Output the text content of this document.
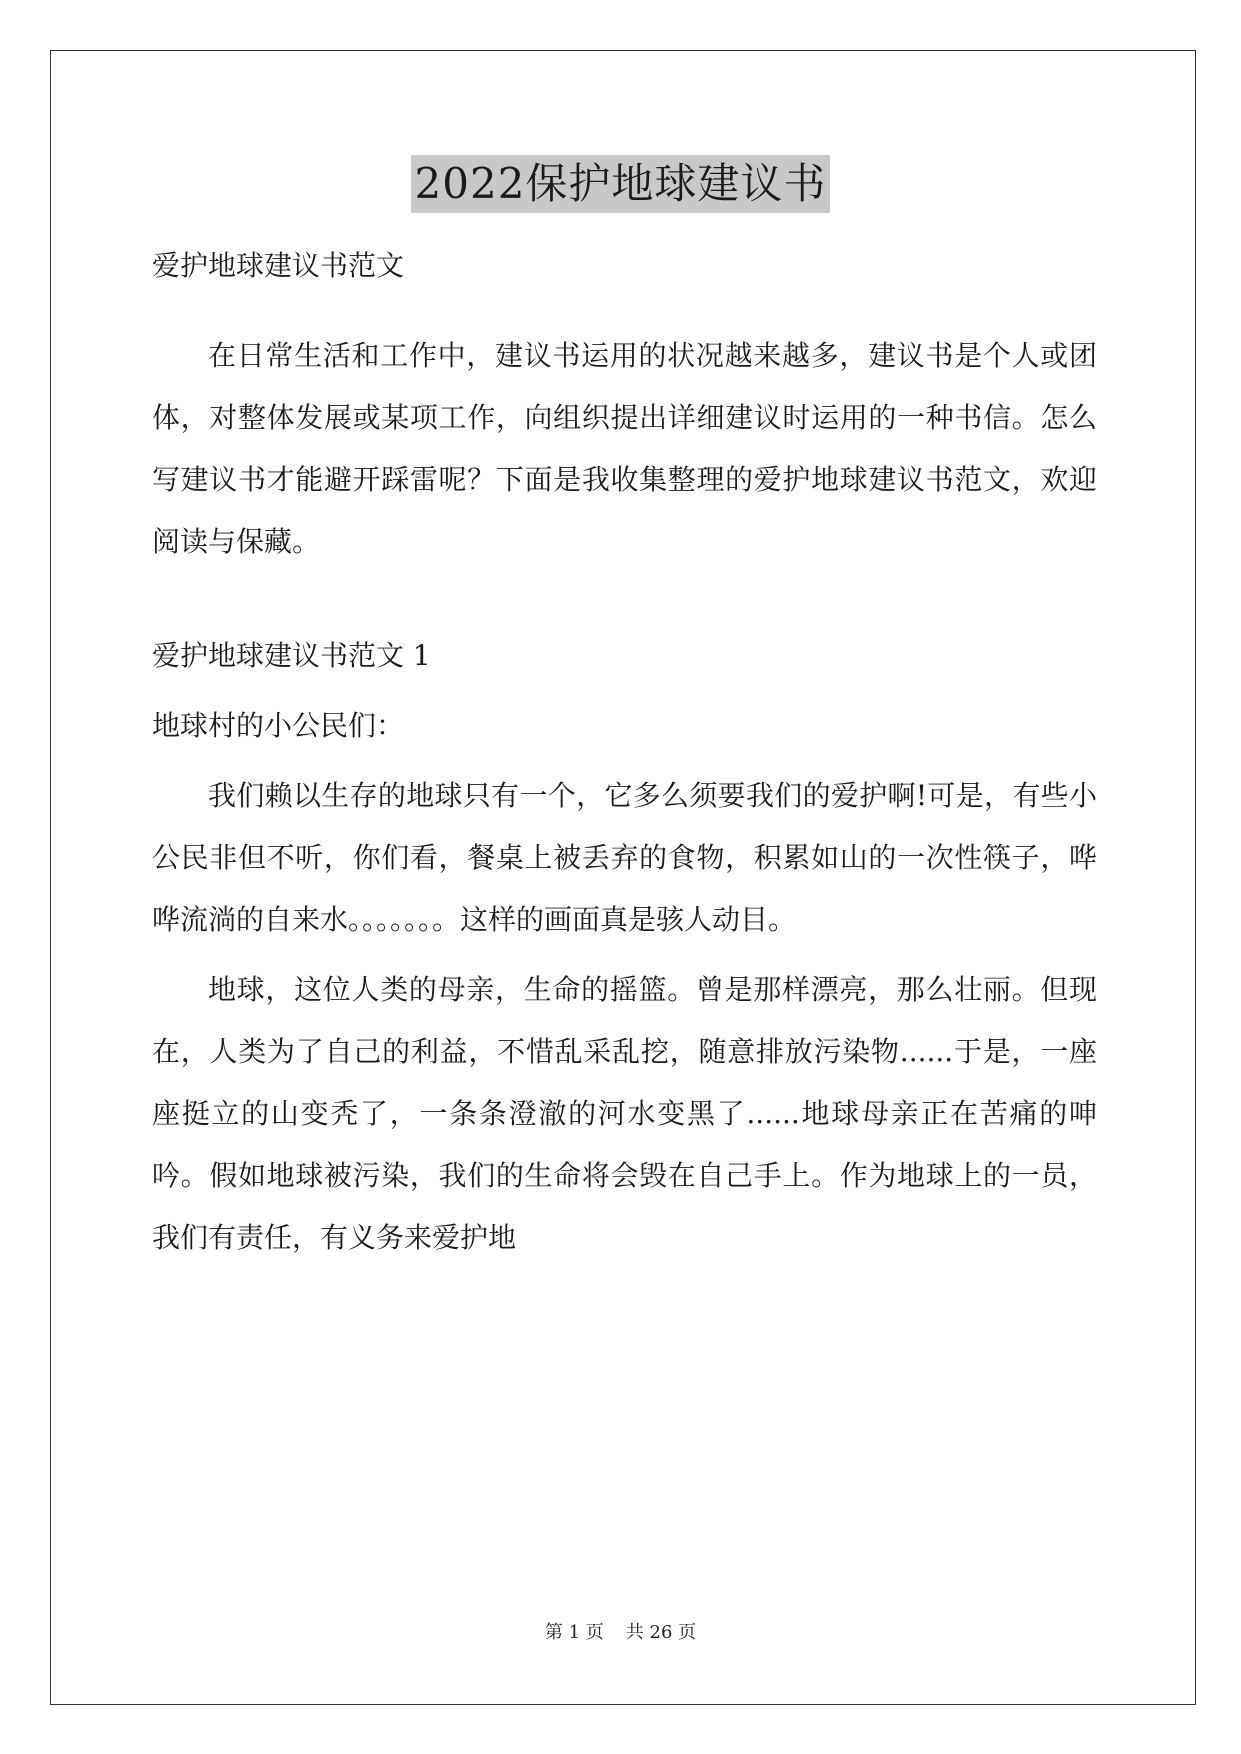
2022保护地球建议书

爱护地球建议书范文

在日常生活和工作中，建议书运用的状况越来越多，建议书是个人或团体，对整体发展或某项工作，向组织提出详细建议时运用的一种书信。怎么写建议书才能避开踩雷呢？下面是我收集整理的爱护地球建议书范文，欢迎阅读与保藏。

爱护地球建议书范文 1

地球村的小公民们：

我们赖以生存的地球只有一个，它多么须要我们的爱护啊!可是，有些小公民非但不听，你们看，餐桌上被丢弃的食物，积累如山的一次性筷子，哗哗流淌的自来水。。。。。。。这样的画面真是骇人动目。

地球，这位人类的母亲，生命的摇篮。曾是那样漂亮，那么壮丽。但现在，人类为了自己的利益，不惜乱采乱挖，随意排放污染物......于是，一座座挺立的山变秃了，一条条澄澈的河水变黑了......地球母亲正在苦痛的呻吟。假如地球被污染，我们的生命将会毁在自己手上。作为地球上的一员，我们有责任，有义务来爱护地

第 1 页 共 26 页
